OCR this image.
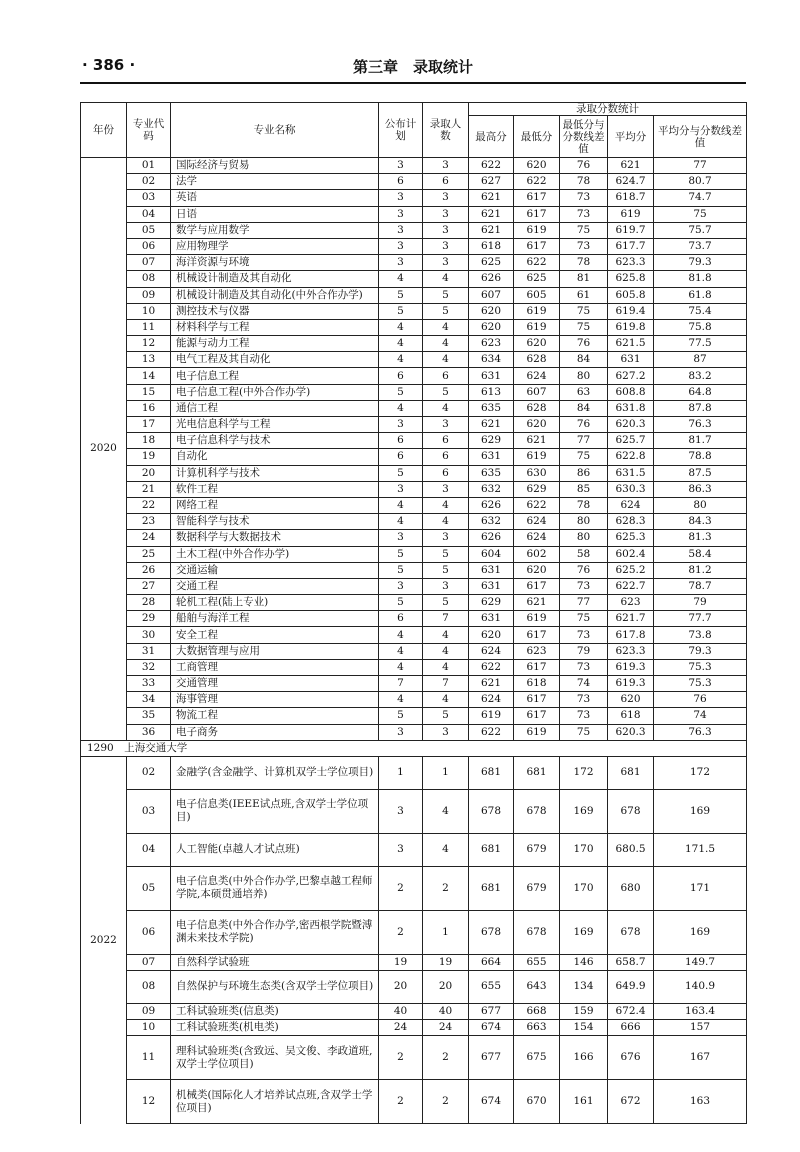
· 386 ·	第三章　录取统计
年份	专业代码	专业名称	公布计划	录取人数	录取分数统计				
					最高分	最低分	最低分与分数线差值	平均分	平均分与分数线差值
2020	01	国际经济与贸易	3	3	622	620	76	621	77
	02	法学	6	6	627	622	78	624.7	80.7
	03	英语	3	3	621	617	73	618.7	74.7
	04	日语	3	3	621	617	73	619	75
	05	数学与应用数学	3	3	621	619	75	619.7	75.7
	06	应用物理学	3	3	618	617	73	617.7	73.7
	07	海洋资源与环境	3	3	625	622	78	623.3	79.3
	08	机械设计制造及其自动化	4	4	626	625	81	625.8	81.8
	09	机械设计制造及其自动化(中外合作办学)	5	5	607	605	61	605.8	61.8
	10	测控技术与仪器	5	5	620	619	75	619.4	75.4
	11	材料科学与工程	4	4	620	619	75	619.8	75.8
	12	能源与动力工程	4	4	623	620	76	621.5	77.5
	13	电气工程及其自动化	4	4	634	628	84	631	87
	14	电子信息工程	6	6	631	624	80	627.2	83.2
	15	电子信息工程(中外合作办学)	5	5	613	607	63	608.8	64.8
	16	通信工程	4	4	635	628	84	631.8	87.8
	17	光电信息科学与工程	3	3	621	620	76	620.3	76.3
	18	电子信息科学与技术	6	6	629	621	77	625.7	81.7
	19	自动化	6	6	631	619	75	622.8	78.8
	20	计算机科学与技术	5	6	635	630	86	631.5	87.5
	21	软件工程	3	3	632	629	85	630.3	86.3
	22	网络工程	4	4	626	622	78	624	80
	23	智能科学与技术	4	4	632	624	80	628.3	84.3
	24	数据科学与大数据技术	3	3	626	624	80	625.3	81.3
	25	土木工程(中外合作办学)	5	5	604	602	58	602.4	58.4
	26	交通运输	5	5	631	620	76	625.2	81.2
	27	交通工程	3	3	631	617	73	622.7	78.7
	28	轮机工程(陆上专业)	5	5	629	621	77	623	79
	29	船舶与海洋工程	6	7	631	619	75	621.7	77.7
	30	安全工程	4	4	620	617	73	617.8	73.8
	31	大数据管理与应用	4	4	624	623	79	623.3	79.3
	32	工商管理	4	4	622	617	73	619.3	75.3
	33	交通管理	7	7	621	618	74	619.3	75.3
	34	海事管理	4	4	624	617	73	620	76
	35	物流工程	5	5	619	617	73	618	74
	36	电子商务	3	3	622	619	75	620.3	76.3
1290　上海交通大学									
2022	02	金融学(含金融学、计算机双学士学位项目)	1	1	681	681	172	681	172
	03	电子信息类(IEEE试点班,含双学士学位项目)	3	4	678	678	169	678	169
	04	人工智能(卓越人才试点班)	3	4	681	679	170	680.5	171.5
	05	电子信息类(中外合作办学,巴黎卓越工程师学院,本硕贯通培养)	2	2	681	679	170	680	171
	06	电子信息类(中外合作办学,密西根学院暨溥渊未来技术学院)	2	1	678	678	169	678	169
	07	自然科学试验班	19	19	664	655	146	658.7	149.7
	08	自然保护与环境生态类(含双学士学位项目)	20	20	655	643	134	649.9	140.9
	09	工科试验班类(信息类)	40	40	677	668	159	672.4	163.4
	10	工科试验班类(机电类)	24	24	674	663	154	666	157
	11	理科试验班类(含致远、吴文俊、李政道班,双学士学位项目)	2	2	677	675	166	676	167
	12	机械类(国际化人才培养试点班,含双学士学位项目)	2	2	674	670	161	672	163
